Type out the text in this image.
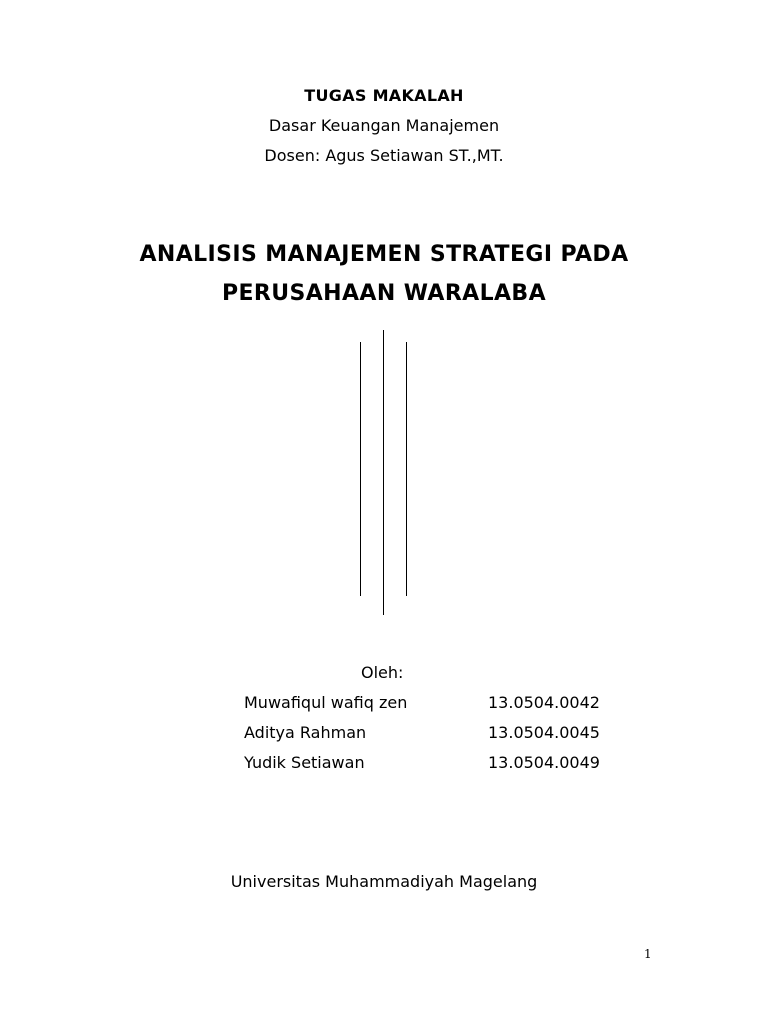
TUGAS MAKALAH
Dasar Keuangan Manajemen
Dosen: Agus Setiawan ST.,MT.
ANALISIS MANAJEMEN STRATEGI PADA
PERUSAHAAN WARALABA
Oleh:
Muwafiqul wafiq zen	13.0504.0042
Aditya Rahman	13.0504.0045
Yudik Setiawan	13.0504.0049
Universitas Muhammadiyah Magelang
1
